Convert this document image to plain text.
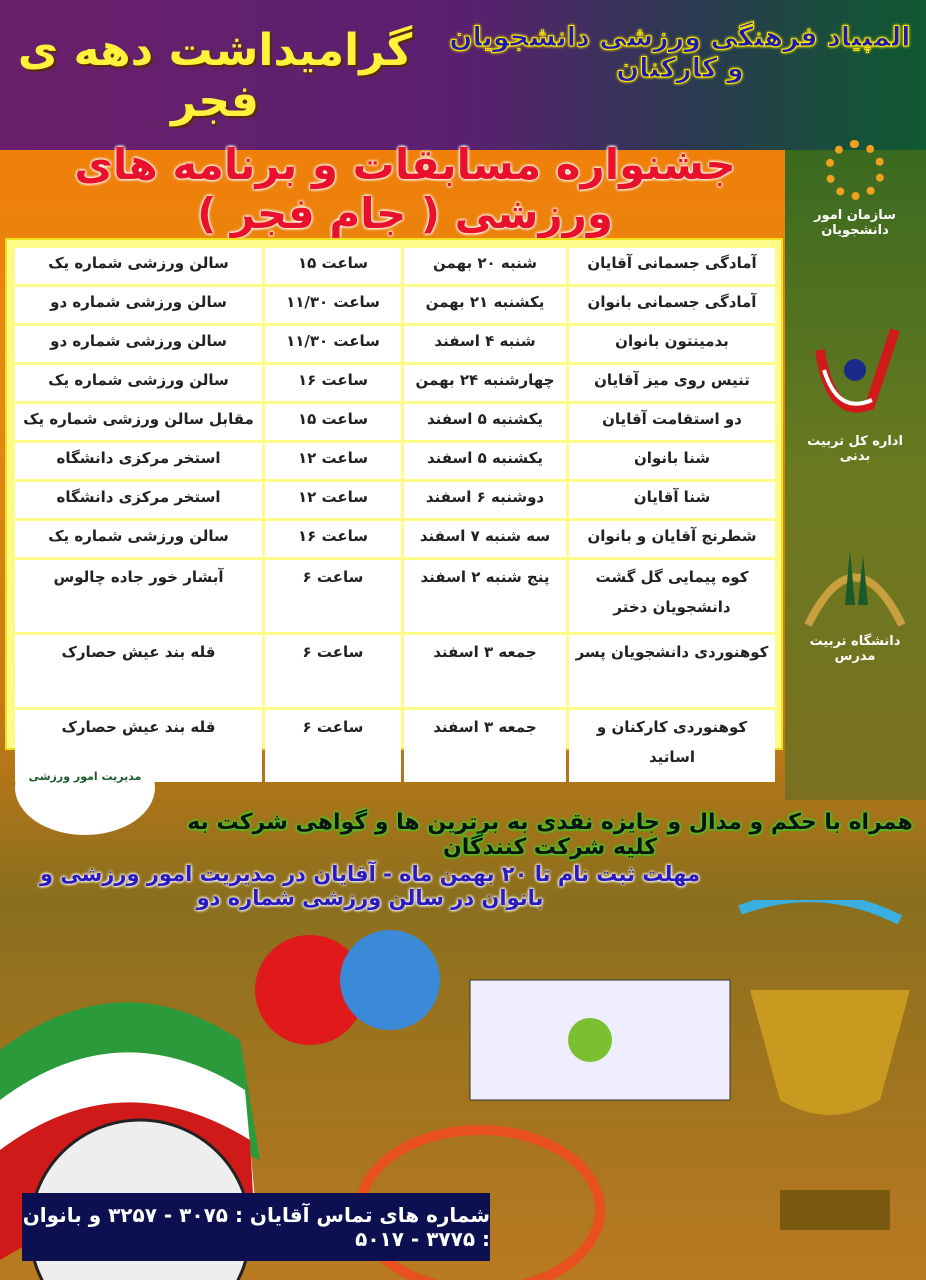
المپیاد فرهنگی ورزشی دانشجویان و کارکنان
گرامیداشت دهه ی فجر
جشنواره مسابقات و برنامه های ورزشی ( جام فجر )
آمادگی جسمانی آقایان	شنبه ۲۰ بهمن	ساعت ۱۵	سالن ورزشی شماره یک
آمادگی جسمانی بانوان	یکشنبه ۲۱ بهمن	ساعت ۱۱/۳۰	سالن ورزشی شماره دو
بدمینتون بانوان	شنبه ۴ اسفند	ساعت ۱۱/۳۰	سالن ورزشی شماره دو
تنیس روی میز آقایان	چهارشنبه ۲۴ بهمن	ساعت ۱۶	سالن ورزشی شماره یک
دو استقامت آقایان	یکشنبه ۵ اسفند	ساعت ۱۵	مقابل سالن ورزشی شماره یک
شنا بانوان	یکشنبه ۵ اسفند	ساعت ۱۲	استخر مرکزی دانشگاه
شنا آقایان	دوشنبه ۶ اسفند	ساعت ۱۲	استخر مرکزی دانشگاه
شطرنج آقایان و بانوان	سه شنبه ۷ اسفند	ساعت ۱۶	سالن ورزشی شماره یک
کوه پیمایی گل گشت دانشجویان دختر	پنج شنبه ۲ اسفند	ساعت ۶	آبشار خور جاده چالوس
کوهنوردی دانشجویان پسر	جمعه ۳ اسفند	ساعت ۶	قله بند عیش حصارک
کوهنوردی کارکنان و اساتید	جمعه ۳ اسفند	ساعت ۶	قله بند عیش حصارک
سازمان امور دانشجویان
اداره کل تربیت بدنی
دانشگاه تربیت مدرس
مدیریت امور ورزشی
همراه با حکم و مدال و جایزه نقدی به برترین ها و گواهی شرکت به کلیه شرکت کنندگان
مهلت ثبت نام تا ۲۰ بهمن ماه - آقایان در مدیریت امور ورزشی و بانوان در سالن ورزشی شماره دو
شماره های تماس آقایان : ۳۰۷۵ - ۳۲۵۷ و بانوان : ۳۷۷۵ - ۵۰۱۷
